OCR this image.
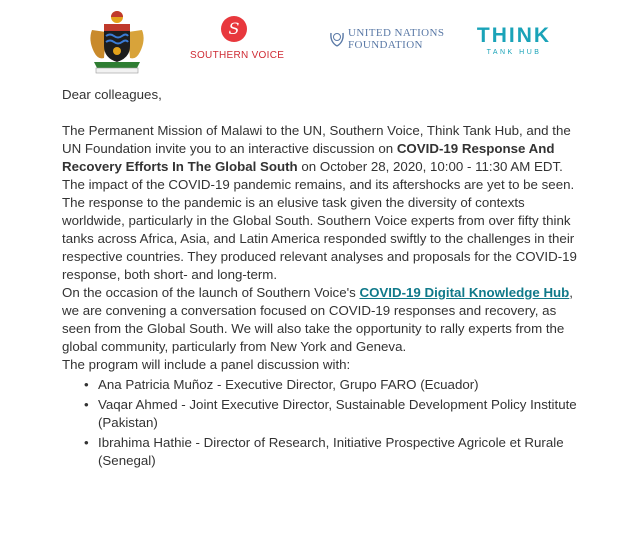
S
SOUTHERN VOICE
UNITED NATIONS
FOUNDATION	THINK
TANK HUB

Dear colleagues,

The Permanent Mission of Malawi to the UN, Southern Voice, Think Tank Hub, and the UN Foundation invite you to an interactive discussion on COVID-19 Response And Recovery Efforts In The Global South on October 28, 2020, 10:00 - 11:30 AM EDT.

The impact of the COVID-19 pandemic remains, and its aftershocks are yet to be seen. The response to the pandemic is an elusive task given the diversity of contexts worldwide, particularly in the Global South. Southern Voice experts from over fifty think tanks across Africa, Asia, and Latin America responded swiftly to the challenges in their respective countries. They produced relevant analyses and proposals for the COVID-19 response, both short- and long-term.

On the occasion of the launch of Southern Voice's COVID-19 Digital Knowledge Hub, we are convening a conversation focused on COVID-19 responses and recovery, as seen from the Global South. We will also take the opportunity to rally experts from the global community, particularly from New York and Geneva.

The program will include a panel discussion with:

• Ana Patricia Muñoz - Executive Director, Grupo FARO (Ecuador)
• Vaqar Ahmed - Joint Executive Director, Sustainable Development Policy Institute (Pakistan)
• Ibrahima Hathie - Director of Research, Initiative Prospective Agricole et Rurale (Senegal)
